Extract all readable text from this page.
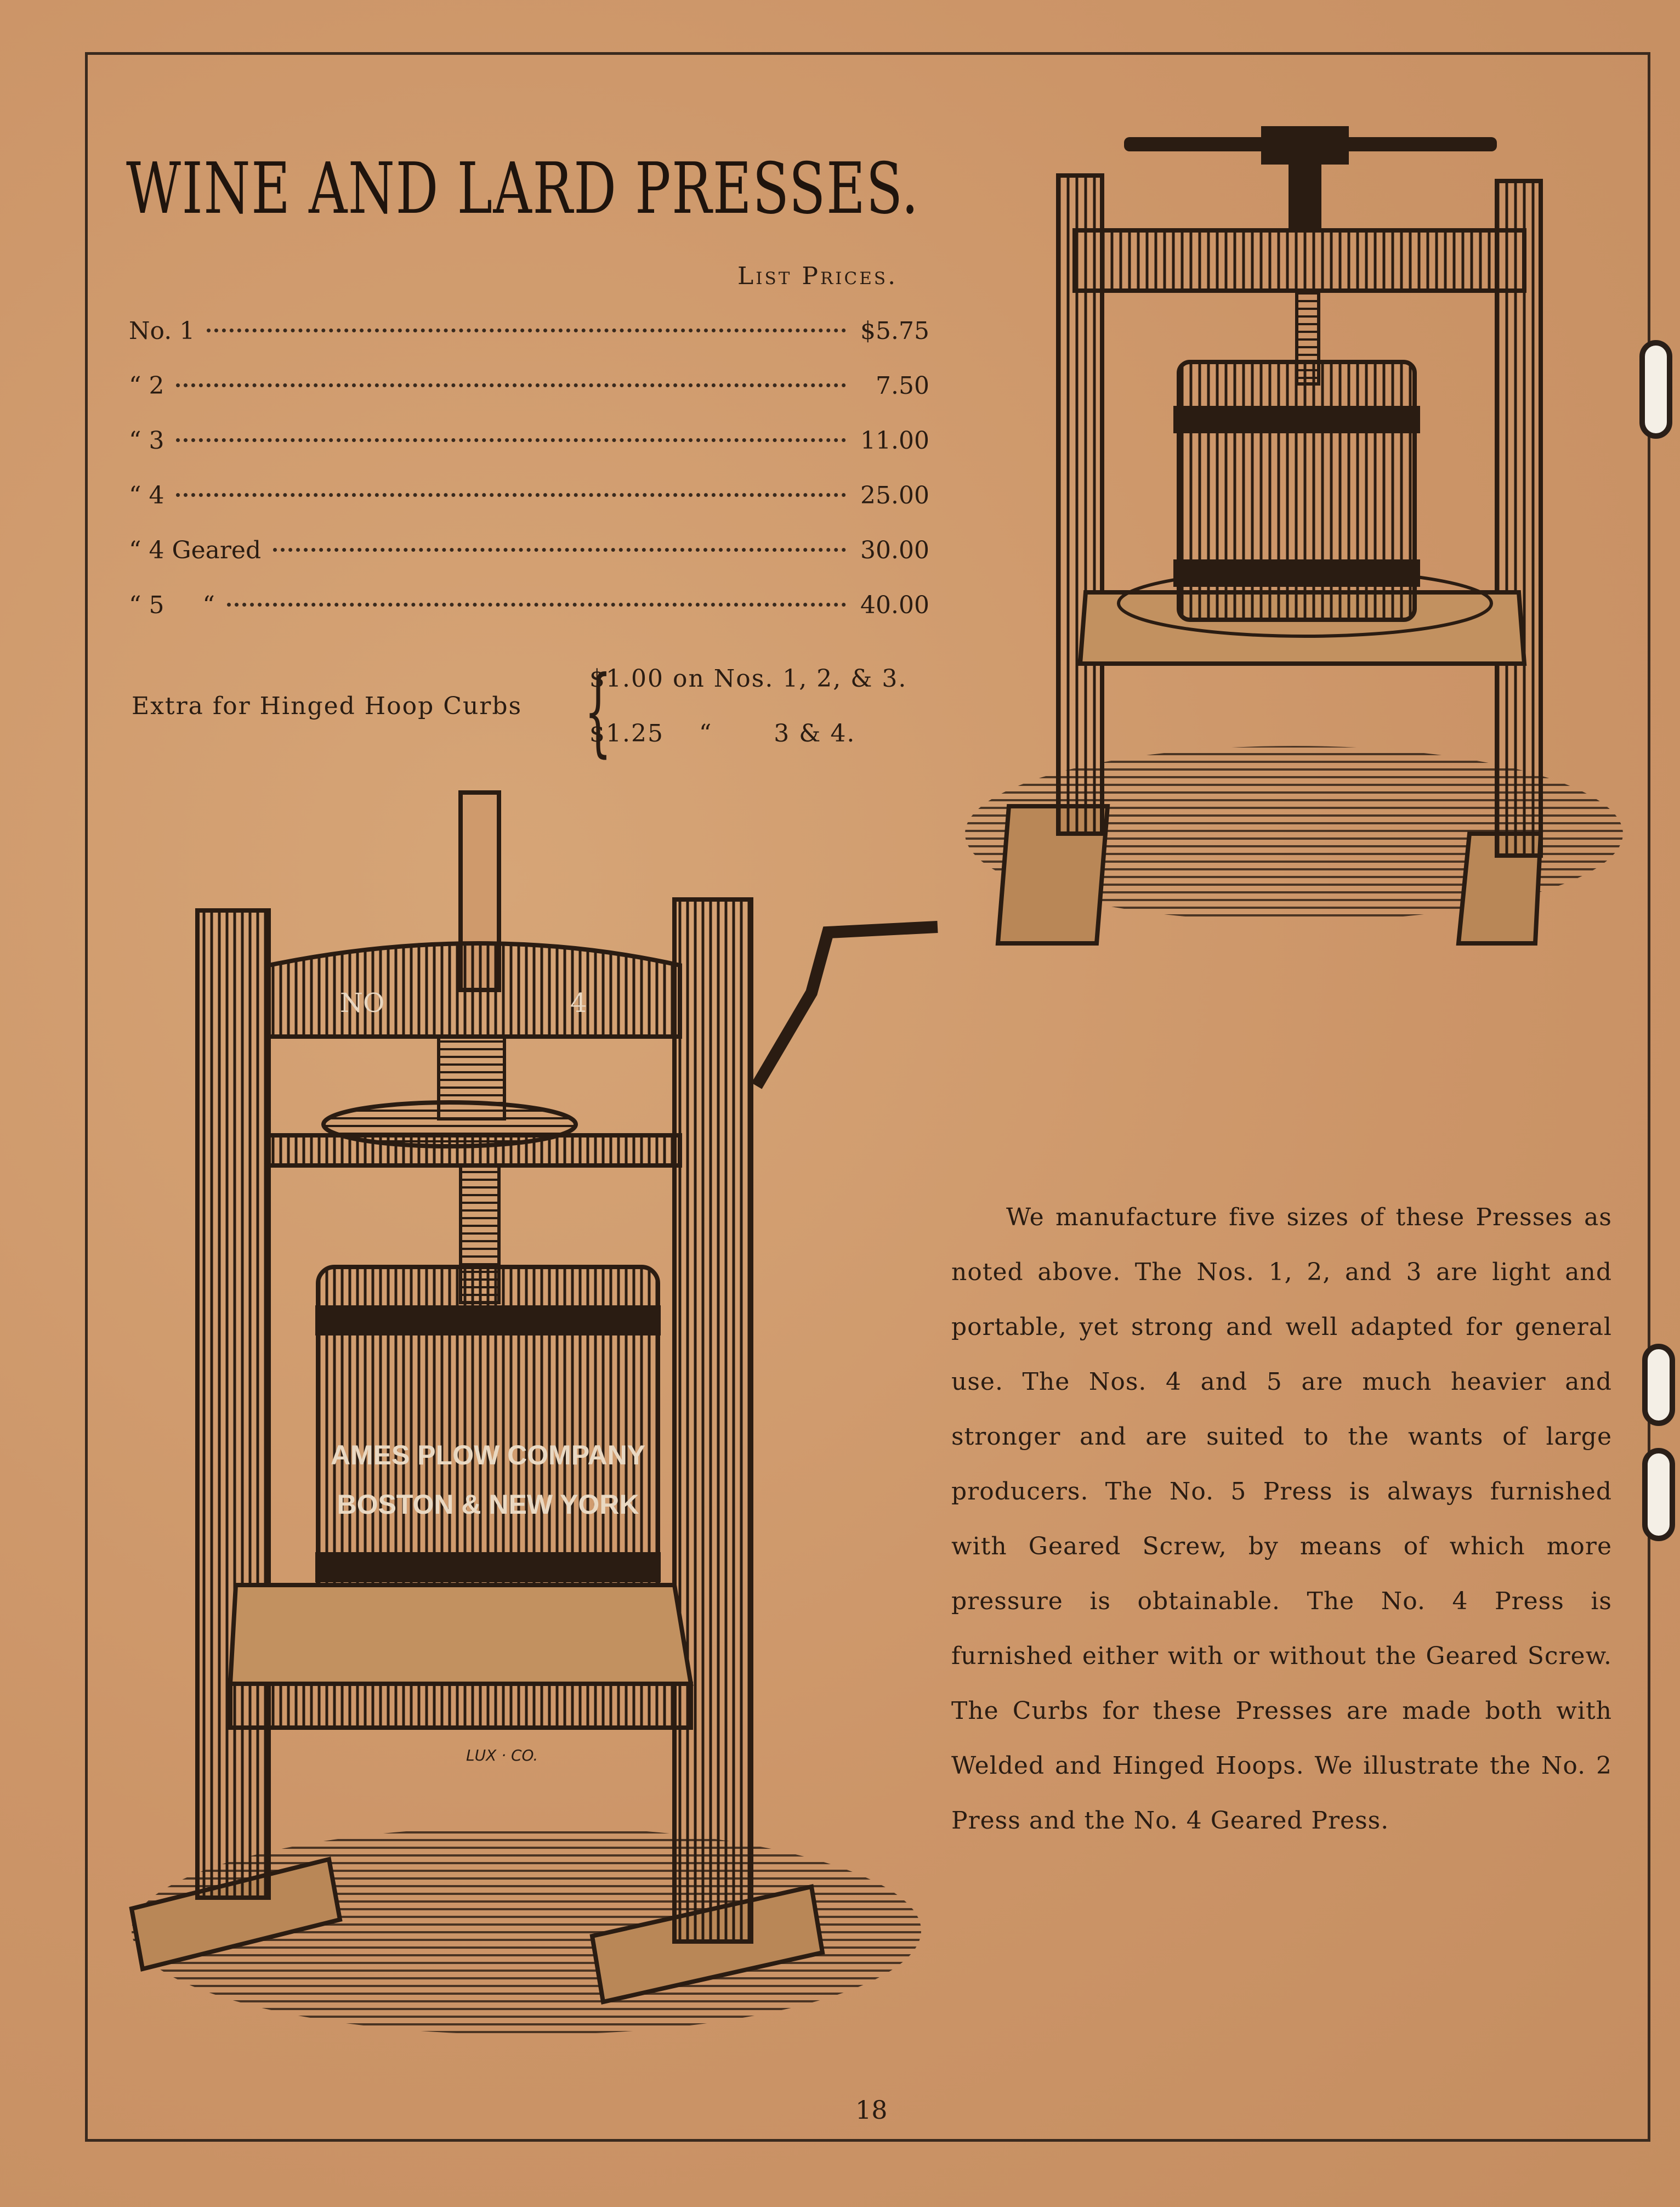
WINE AND LARD PRESSES.
List Prices.
No. 1	$5.75
“ 2	7.50
“ 3	11.00
“ 4	25.00
“ 4 Geared	30.00
“ 5     “	40.00
Extra for Hinged Hoop Curbs {
$1.00 on Nos. 1, 2, & 3.
$1.25    “       3 & 4.
NO	4
AMES PLOW COMPANY
BOSTON & NEW YORK
LUX · CO.

We manufacture five sizes of these Presses as noted above. The Nos. 1, 2, and 3 are light and portable, yet strong and well adapted for general use. The Nos. 4 and 5 are much heavier and stronger and are suited to the wants of large producers. The No. 5 Press is always furnished with Geared Screw, by means of which more pressure is obtainable. The No. 4 Press is furnished either with or without the Geared Screw. The Curbs for these Presses are made both with Welded and Hinged Hoops. We illustrate the No. 2 Press and the No. 4 Geared Press.

18
